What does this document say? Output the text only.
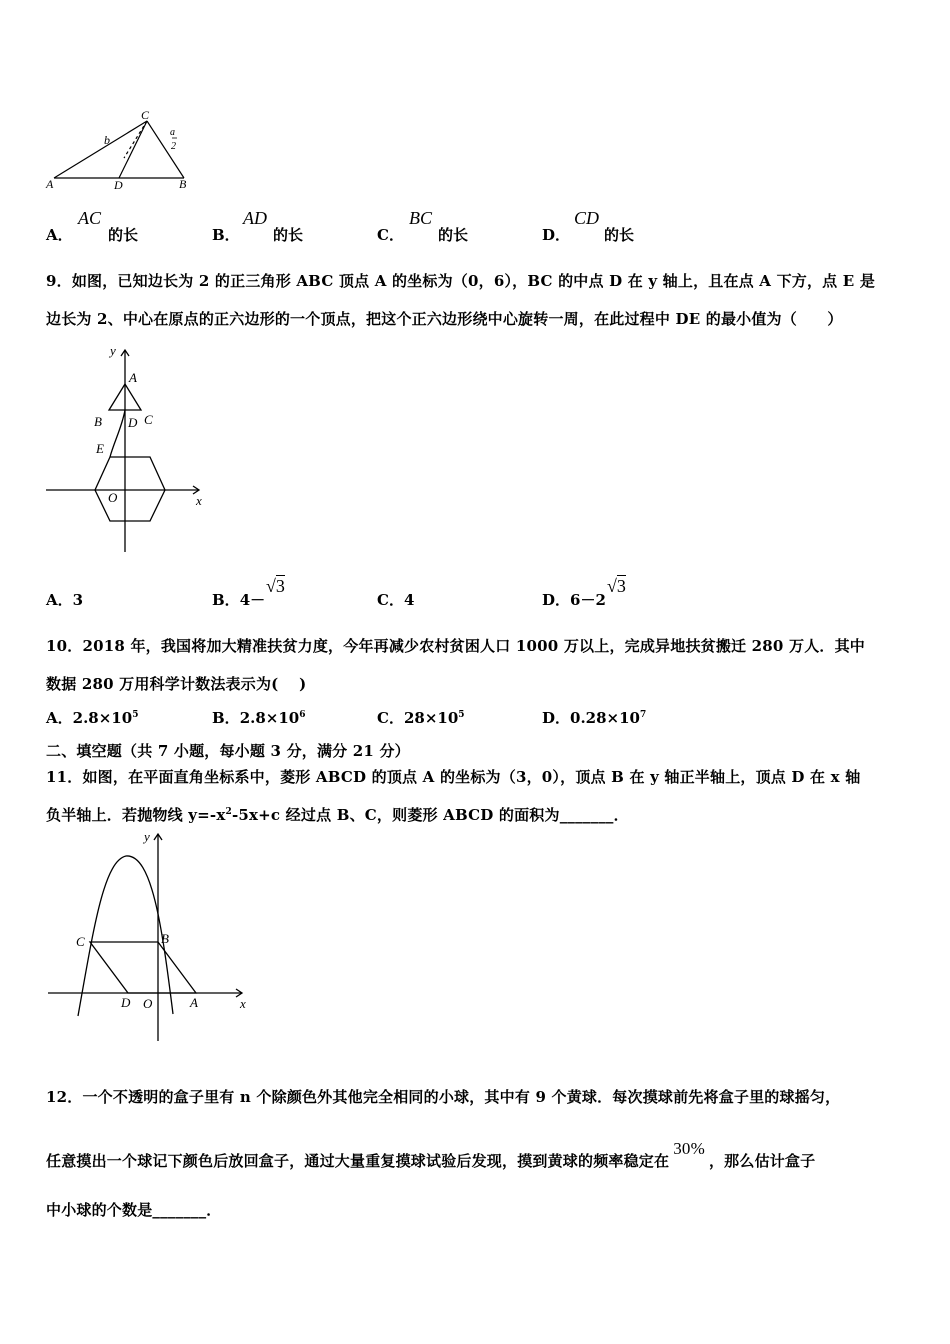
A	D	B
C
b
a
2
A．
AC
的长	B．
AD
的长	C．
BC
的长	D．
CD
的长
9．如图，已知边长为 2 的正三角形 ABC 顶点 A 的坐标为（0，6），BC 的中点 D 在 y 轴上，且在点 A 下方，点 E 是
边长为 2、中心在原点的正六边形的一个顶点，把这个正六边形绕中心旋转一周，在此过程中 DE 的最小值为（　　）
y
A
B D C
E
O	x
A．3	B．4－
√3
C．4	D．6－2
√3
10．2018 年，我国将加大精准扶贫力度，今年再减少农村贫困人口 1000 万以上，完成异地扶贫搬迁 280 万人．其中
数据 280 万用科学计数法表示为(　 )
A．$2.8\times 10^5$	B．$2.8\times 10^6$	C．$28\times 10^5$	D．$0.28\times 10^7$
二、填空题（共 7 小题，每小题 3 分，满分 21 分）
11．如图，在平面直角坐标系中，菱形 ABCD 的顶点 A 的坐标为（3，0），顶点 B 在 y 轴正半轴上，顶点 D 在 x 轴
负半轴上．若抛物线 $y=-x^2-5x+c$ 经过点 B、C，则菱形 ABCD 的面积为_______．
y
C	B
D O	A	x
12．一个不透明的盒子里有 n 个除颜色外其他完全相同的小球，其中有 9 个黄球．每次摸球前先将盒子里的球摇匀，
任意摸出一个球记下颜色后放回盒子，通过大量重复摸球试验后发现，摸到黄球的频率稳定在30%，那么估计盒子
中小球的个数是_______．
